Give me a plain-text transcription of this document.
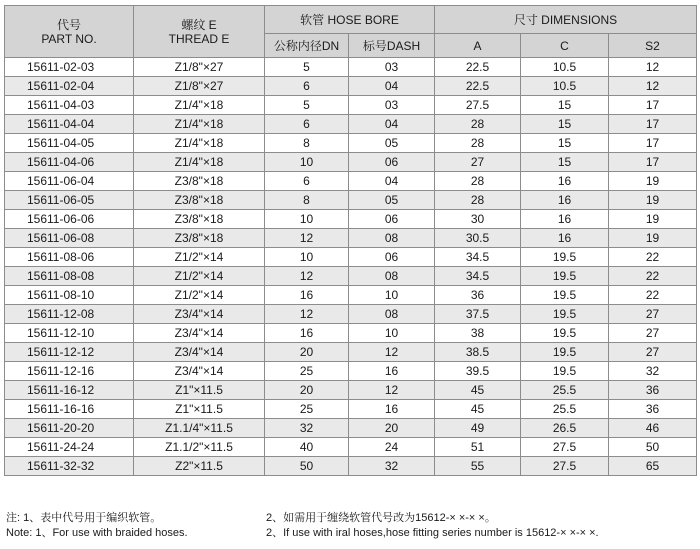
代号
PART NO.	螺纹 E
THREAD E	软管 HOSE BORE		尺寸 DIMENSIONS		
		公称内径DN	标号DASH	A	C	S2
15611-02-03	Z1/8"×27	5	03	22.5	10.5	12
15611-02-04	Z1/8"×27	6	04	22.5	10.5	12
15611-04-03	Z1/4"×18	5	03	27.5	15	17
15611-04-04	Z1/4"×18	6	04	28	15	17
15611-04-05	Z1/4"×18	8	05	28	15	17
15611-04-06	Z1/4"×18	10	06	27	15	17
15611-06-04	Z3/8"×18	6	04	28	16	19
15611-06-05	Z3/8"×18	8	05	28	16	19
15611-06-06	Z3/8"×18	10	06	30	16	19
15611-06-08	Z3/8"×18	12	08	30.5	16	19
15611-08-06	Z1/2"×14	10	06	34.5	19.5	22
15611-08-08	Z1/2"×14	12	08	34.5	19.5	22
15611-08-10	Z1/2"×14	16	10	36	19.5	22
15611-12-08	Z3/4"×14	12	08	37.5	19.5	27
15611-12-10	Z3/4"×14	16	10	38	19.5	27
15611-12-12	Z3/4"×14	20	12	38.5	19.5	27
15611-12-16	Z3/4"×14	25	16	39.5	19.5	32
15611-16-12	Z1"×11.5	20	12	45	25.5	36
15611-16-16	Z1"×11.5	25	16	45	25.5	36
15611-20-20	Z1.1/4"×11.5	32	20	49	26.5	46
15611-24-24	Z1.1/2"×11.5	40	24	51	27.5	50
15611-32-32	Z2"×11.5	50	32	55	27.5	65
注: 1、表中代号用于编织软管。	2、如需用于缠绕软管代号改为15612-× ×-× ×。
Note: 1、For use with braided hoses.	2、If use with iral hoses,hose fitting series number is 15612-× ×-× ×.
